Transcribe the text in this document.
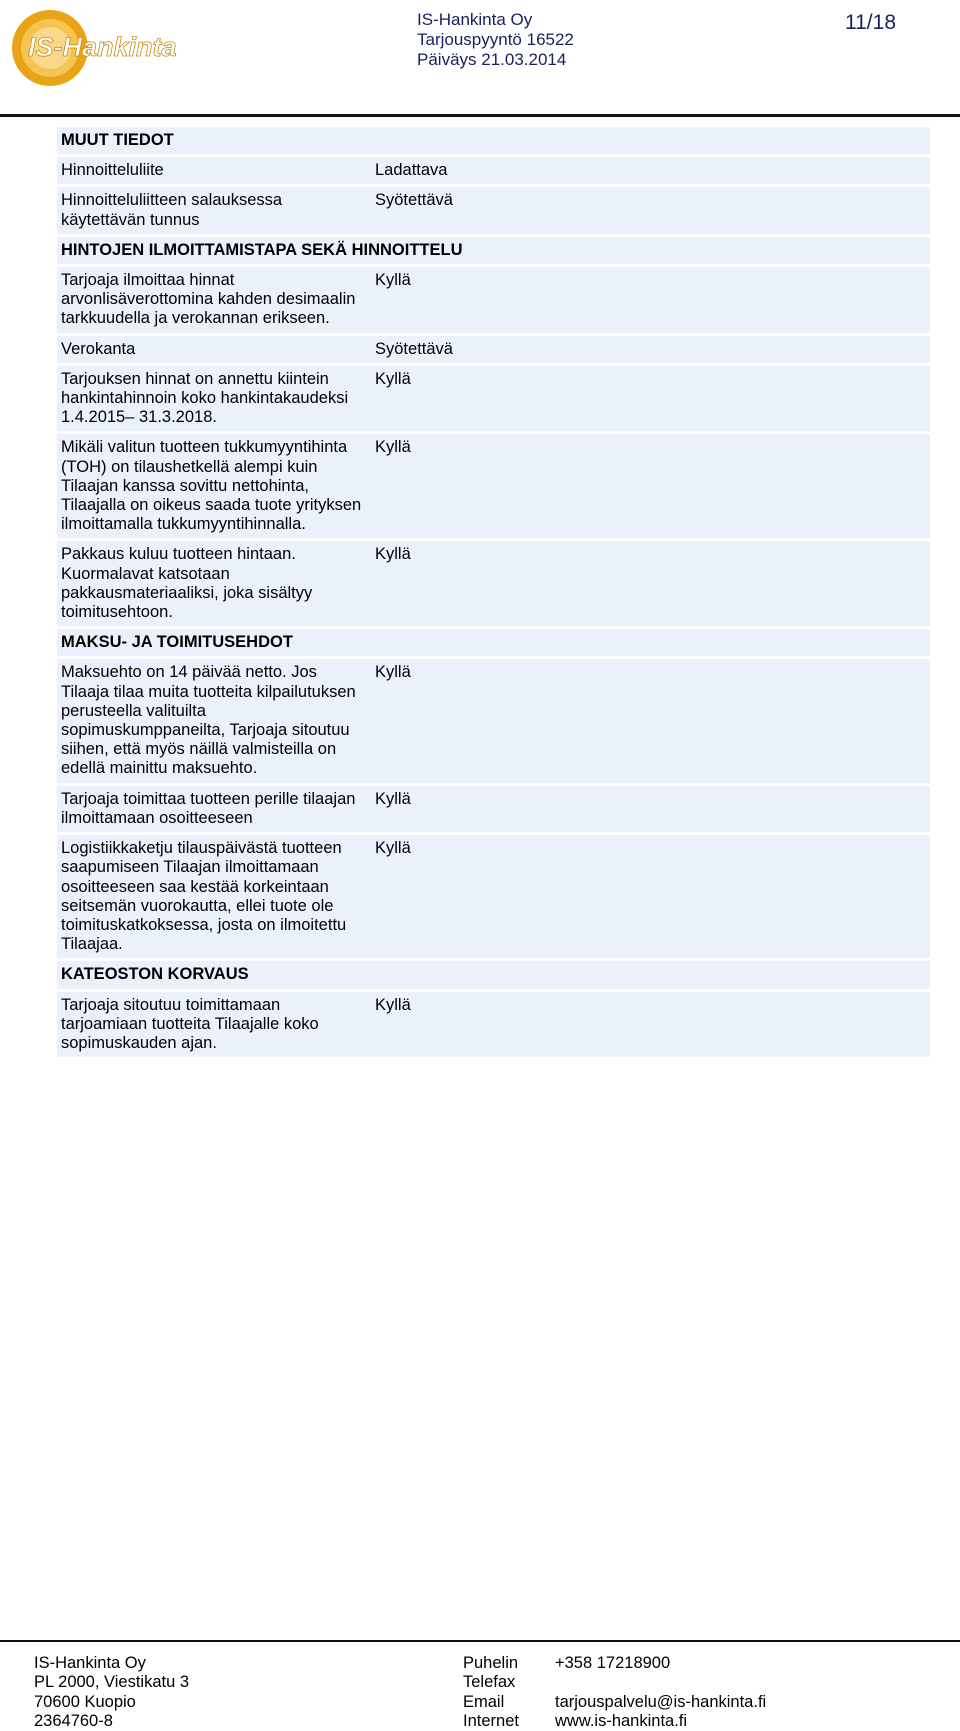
IS-Hankinta
IS-Hankinta Oy
Tarjouspyyntö 16522
Päiväys 21.03.2014
11/18
MUUT TIEDOT
Hinnoitteluliite	Ladattava
Hinnoitteluliitteen salauksessa käytettävän tunnus
Syötettävä
HINTOJEN ILMOITTAMISTAPA SEKÄ HINNOITTELU
Tarjoaja ilmoittaa hinnat arvonlisäverottomina kahden desimaalin tarkkuudella ja verokannan erikseen.
Kyllä
Verokanta	Syötettävä
Tarjouksen hinnat on annettu kiintein hankintahinnoin koko hankintakaudeksi 1.4.2015– 31.3.2018.
Kyllä
Mikäli valitun tuotteen tukkumyyntihinta (TOH) on tilaushetkellä alempi kuin Tilaajan kanssa sovittu nettohinta, Tilaajalla on oikeus saada tuote yrityksen ilmoittamalla tukkumyyntihinnalla.
Kyllä
Pakkaus kuluu tuotteen hintaan. Kuormalavat katsotaan pakkausmateriaaliksi, joka sisältyy toimitusehtoon.
Kyllä
MAKSU- JA TOIMITUSEHDOT
Maksuehto on 14 päivää netto. Jos Tilaaja tilaa muita tuotteita kilpailutuksen perusteella valituilta sopimuskumppaneilta, Tarjoaja sitoutuu siihen, että myös näillä valmisteilla on edellä mainittu maksuehto.
Kyllä
Tarjoaja toimittaa tuotteen perille tilaajan ilmoittamaan osoitteeseen
Kyllä
Logistiikkaketju tilauspäivästä tuotteen saapumiseen Tilaajan ilmoittamaan osoitteeseen saa kestää korkeintaan seitsemän vuorokautta, ellei tuote ole toimituskatkoksessa, josta on ilmoitettu Tilaajaa.
Kyllä
KATEOSTON KORVAUS
Tarjoaja sitoutuu toimittamaan tarjoamiaan tuotteita Tilaajalle koko sopimuskauden ajan.
Kyllä
IS-Hankinta Oy
PL 2000, Viestikatu 3
70600 Kuopio
2364760-8
Puhelin
Telefax
Email
Internet
+358 17218900
tarjouspalvelu@is-hankinta.fi
www.is-hankinta.fi
